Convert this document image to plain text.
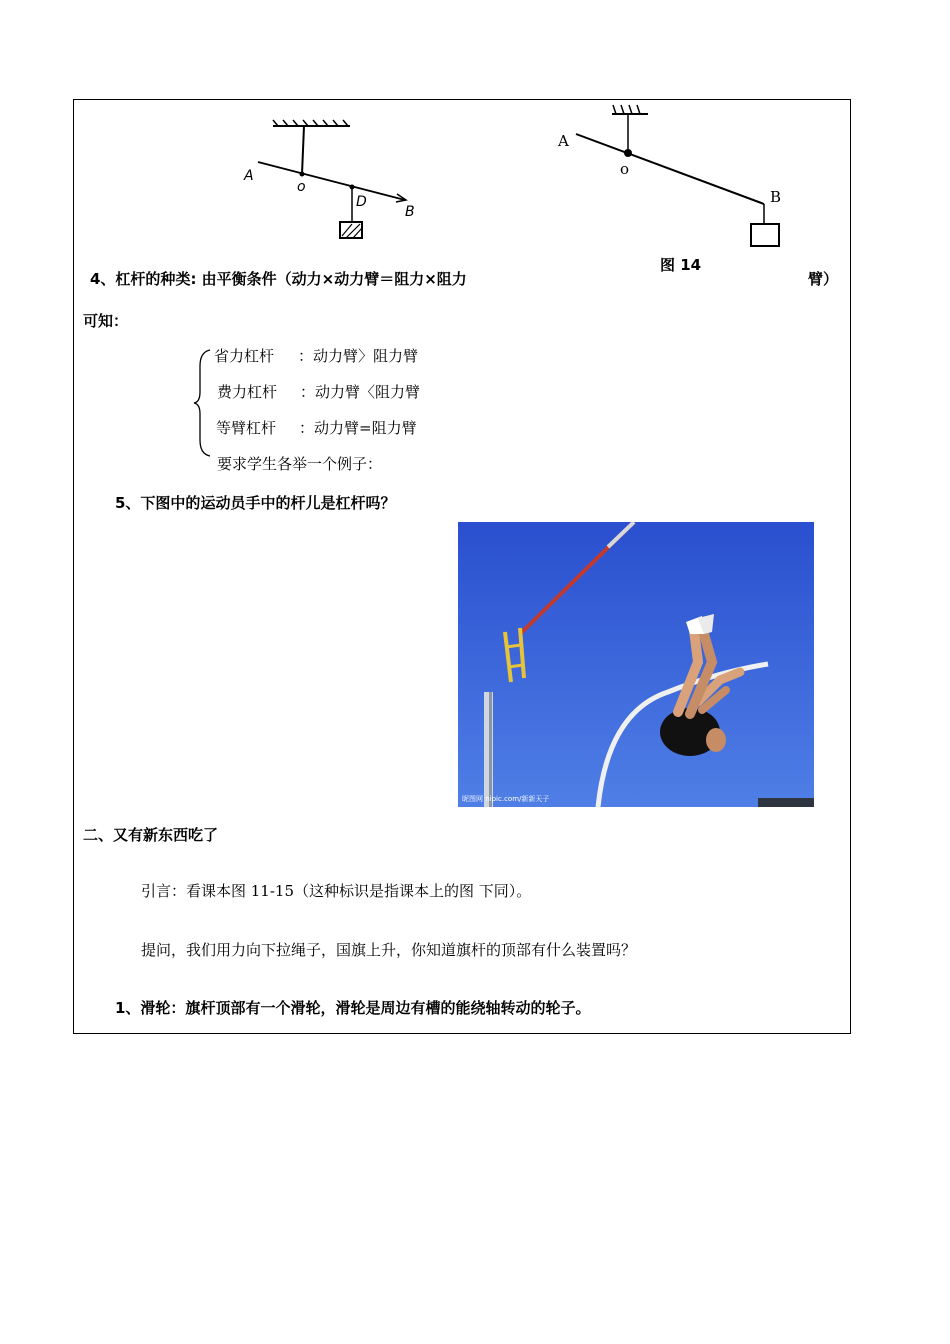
A
o
D
B
A
o
B
图 14
4、杠杆的种类: 由平衡条件（动力×动力臂＝阻力×阻力	臂）
可知：
省力杠杆 ：动力臂〉阻力臂
费力杠杆 ：动力臂〈阻力臂
等臂杠杆 ：动力臂=阻力臂
要求学生各举一个例子：
5、下图中的运动员手中的杆儿是杠杆吗？
昵图网 nipic.com/新新天子
二、又有新东西吃了
引言：看课本图 11-15（这种标识是指课本上的图 下同）。
提问，我们用力向下拉绳子，国旗上升，你知道旗杆的顶部有什么装置吗？
1、滑轮：旗杆顶部有一个滑轮，滑轮是周边有槽的能绕轴转动的轮子。
